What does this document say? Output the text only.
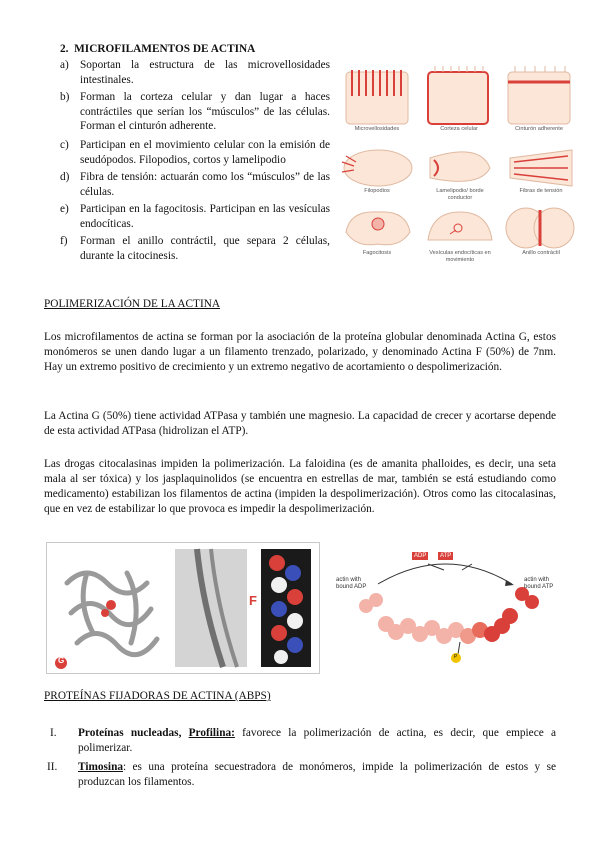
2. MICROFILAMENTOS DE ACTINA
a) Soportan la estructura de las microvellosidades intestinales.
b) Forman la corteza celular y dan lugar a haces contráctiles que serían los “músculos” de las células. Forman el cinturón adherente.
c) Participan en el movimiento celular con la emisión de seudópodos. Filopodios, cortos y lamelipodio
d) Fibra de tensión: actuarán como los “músculos” de las células.
e) Participan en la fagocitosis. Participan en las vesículas endocíticas.
f) Forman el anillo contráctil, que separa 2 células, durante la citocinesis.
Microvellosidades	Corteza celular	Cinturón adherente
Filopodios	Lamelipodio/ borde conductor
Fibras de tensión
Fagocitosis	Vesículas endocíticas en movimiento
Anillo contráctil
POLIMERIZACIÓN DE LA ACTINA
Los microfilamentos de actina se forman por la asociación de la proteína globular denominada Actina G, estos monómeros se unen dando lugar a un filamento trenzado, polarizado, y denominado Actina F (50%) de 7nm. Hay un extremo positivo de crecimiento y un extremo negativo de acortamiento o despolimerización.
La Actina G (50%) tiene actividad ATPasa y también une magnesio. La capacidad de crecer y acortarse depende de esta actividad ATPasa (hidrolizan el ATP).
Las drogas citocalasinas impiden la polimerización. La faloidina (es de amanita phalloides, es decir, una seta mala al ser tóxica) y los jasplaquinolidos (se encuentra en estrellas de mar, también se está estudiando como medicamento) estabilizan los filamentos de actina (impiden la despolimerización). Otros como las citocalasinas, que en vez de estabilizar lo que provoca es impedir la despolimerización.
G
F
ADP	ATP
actin with bound ADP
actin with bound ATP
P
PROTEÍNAS FIJADORAS DE ACTINA (ABPS)
I. Proteínas nucleadas, Profilina: favorece la polimerización de actina, es decir, que empiece a polimerizar.
II. Timosina: es una proteína secuestradora de monómeros, impide la polimerización de estos y se produzcan los filamentos.
